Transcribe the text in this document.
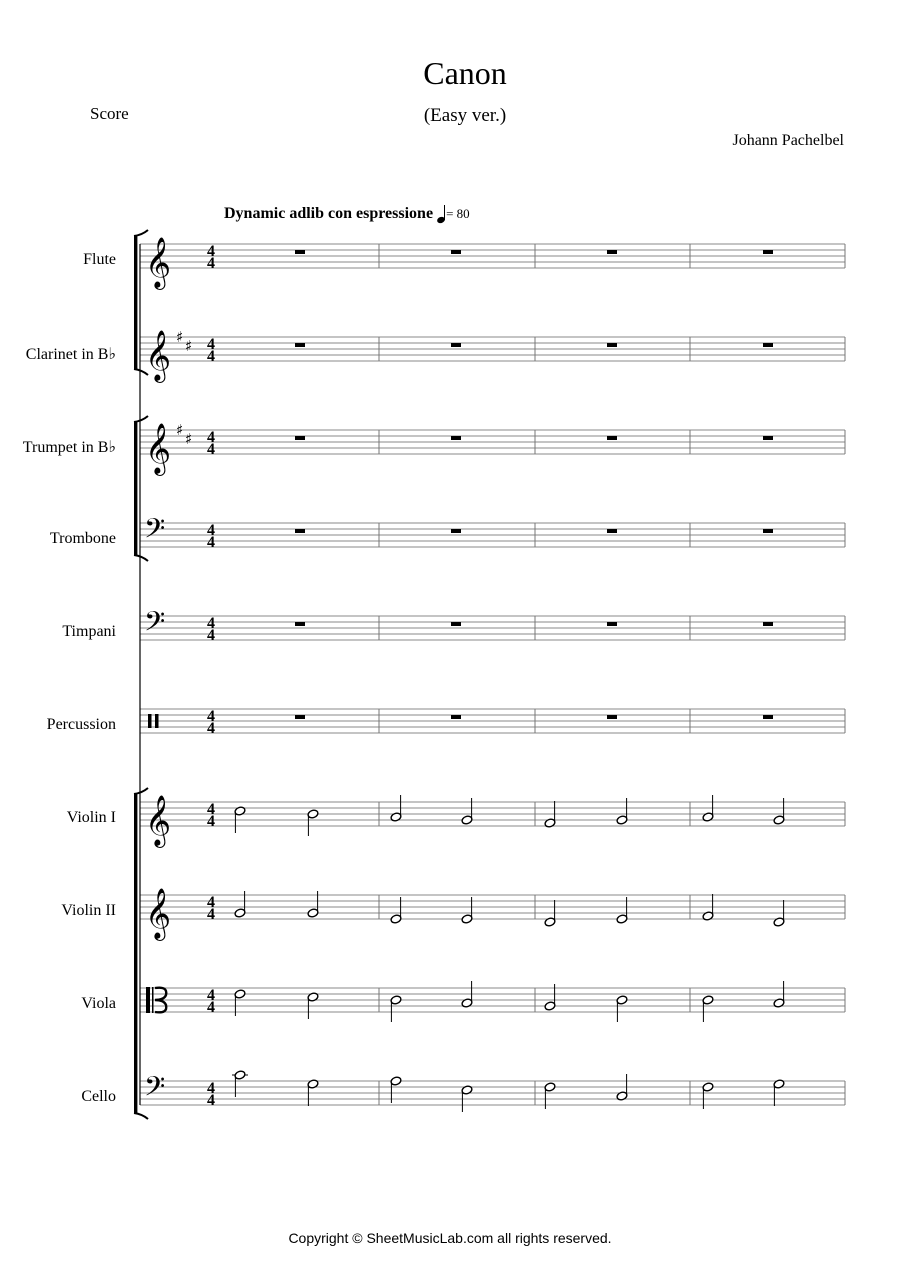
Canon
(Easy ver.)
Score
Johann Pachelbel
Dynamic adlib con espressione = 80
Flute
Clarinet in B♭
Trumpet in B♭
Trombone
Timpani
Percussion
Violin I
Violin II
Viola
Cello
𝄞 4
4
𝄞 ♯ ♯ 4
4
𝄞 ♯ ♯ 4
4
𝄢	4
4
𝄢	4
4
4
4
𝄞 4
4
𝄞 4
4
4
4
𝄢	4
4
Copyright © SheetMusicLab.com all rights reserved.
